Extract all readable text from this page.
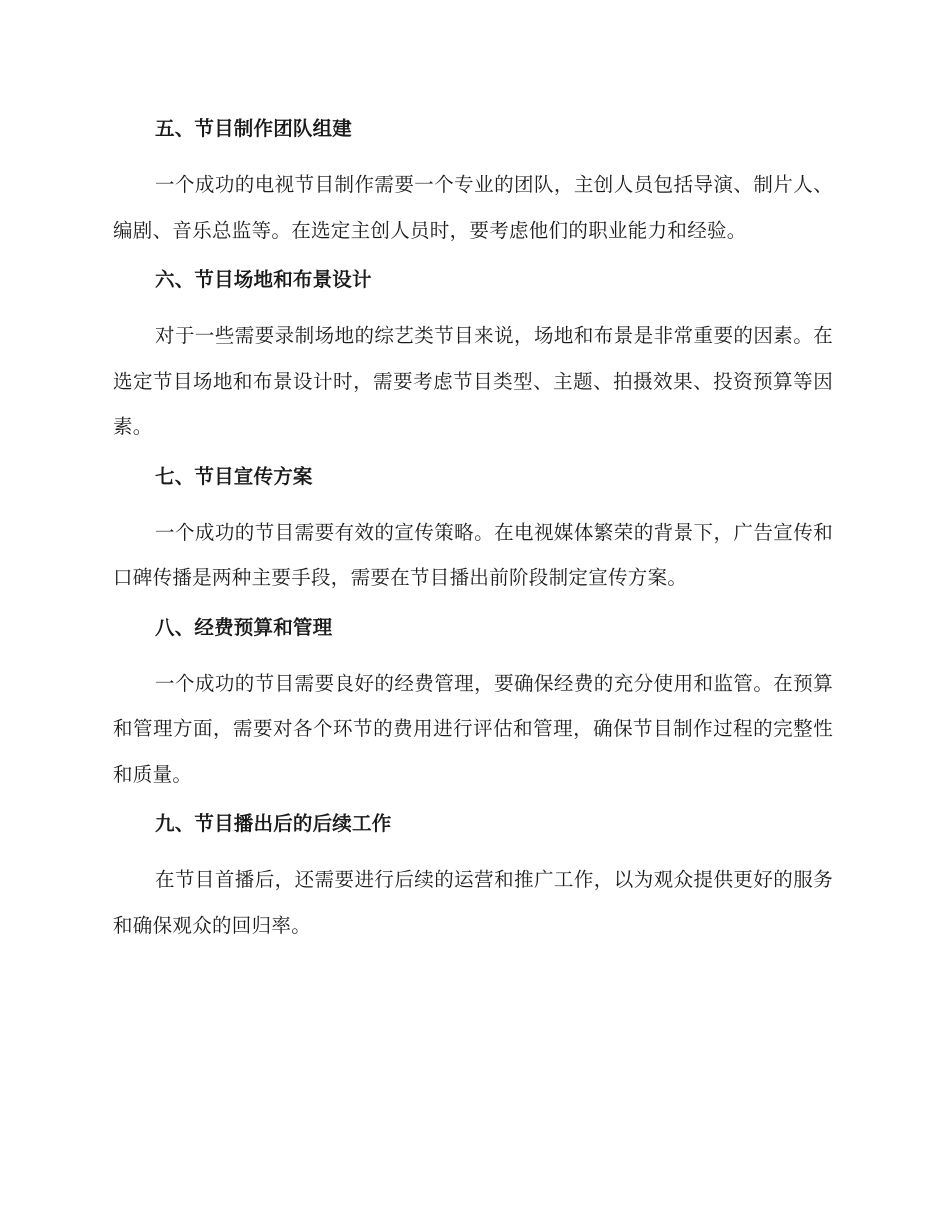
五、节目制作团队组建

一个成功的电视节目制作需要一个专业的团队，主创人员包括导演、制片人、编剧、音乐总监等。在选定主创人员时，要考虑他们的职业能力和经验。

六、节目场地和布景设计

对于一些需要录制场地的综艺类节目来说，场地和布景是非常重要的因素。在选定节目场地和布景设计时，需要考虑节目类型、主题、拍摄效果、投资预算等因素。

七、节目宣传方案

一个成功的节目需要有效的宣传策略。在电视媒体繁荣的背景下，广告宣传和口碑传播是两种主要手段，需要在节目播出前阶段制定宣传方案。

八、经费预算和管理

一个成功的节目需要良好的经费管理，要确保经费的充分使用和监管。在预算和管理方面，需要对各个环节的费用进行评估和管理，确保节目制作过程的完整性和质量。

九、节目播出后的后续工作

在节目首播后，还需要进行后续的运营和推广工作，以为观众提供更好的服务和确保观众的回归率。
